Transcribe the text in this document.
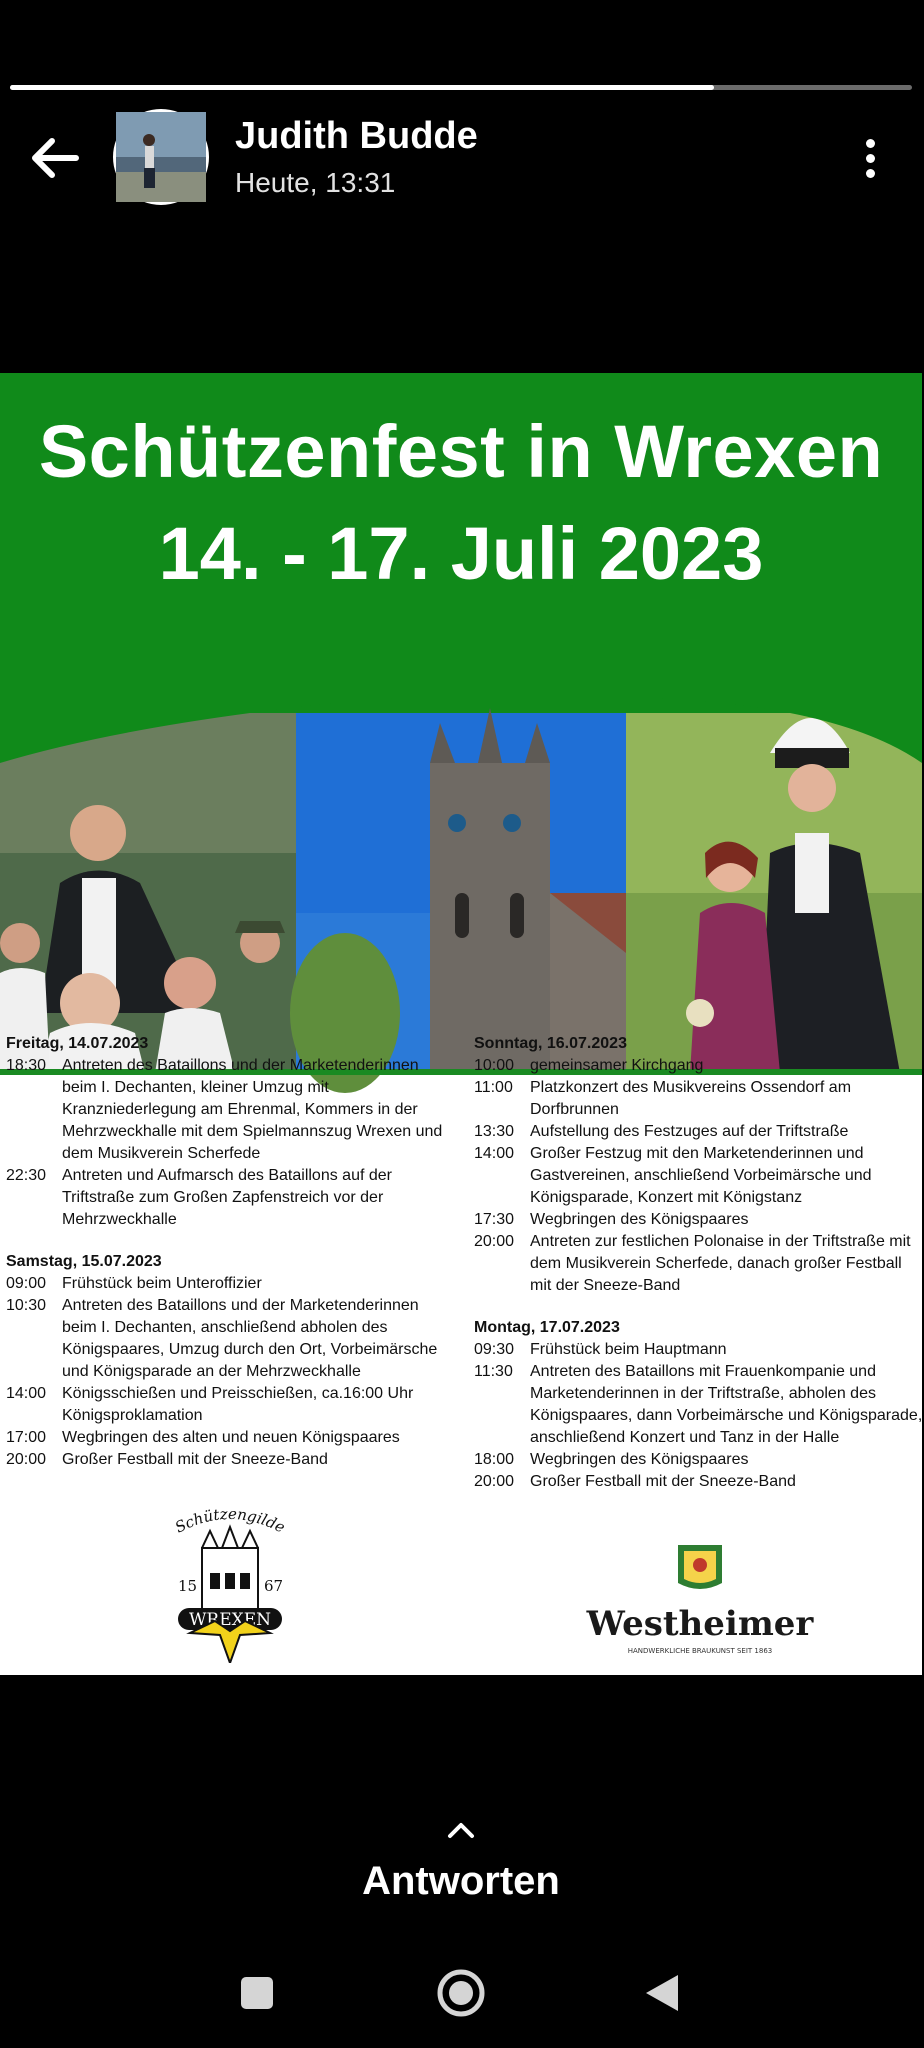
Judith Budde
Heute, 13:31
Schützenfest in Wrexen
14. - 17. Juli 2023
Freitag, 14.07.2023
18:30 Antreten des Bataillons und der Marketenderinnen beim I. Dechanten, kleiner Umzug mit Kranzniederlegung am Ehrenmal, Kommers in der Mehrzweckhalle mit dem Spielmannszug Wrexen und dem Musikverein Scherfede
22:30 Antreten und Aufmarsch des Bataillons auf der Triftstraße zum Großen Zapfenstreich vor der Mehrzweckhalle
Samstag, 15.07.2023
09:00 Frühstück beim Unteroffizier
10:30 Antreten des Bataillons und der Marketenderinnen beim I. Dechanten, anschließend abholen des Königspaares, Umzug durch den Ort, Vorbeimärsche und Königsparade an der Mehrzweckhalle
14:00 Königsschießen und Preisschießen, ca.16:00 Uhr Königsproklamation
17:00 Wegbringen des alten und neuen Königspaares
20:00 Großer Festball mit der Sneeze-Band
Sonntag, 16.07.2023
10:00 gemeinsamer Kirchgang
11:00	Platzkonzert des Musikvereins Ossendorf am Dorfbrunnen
13:30 Aufstellung des Festzuges auf der Triftstraße
14:00 Großer Festzug mit den Marketenderinnen und Gastvereinen, anschließend Vorbeimärsche und Königsparade, Konzert mit Königstanz
17:30 Wegbringen des Königspaares
20:00 Antreten zur festlichen Polonaise in der Triftstraße mit dem Musikverein Scherfede, danach großer Festball mit der Sneeze-Band
Montag, 17.07.2023
09:30 Frühstück beim Hauptmann
11:30	Antreten des Bataillons mit Frauenkompanie und Marketenderinnen in der Triftstraße, abholen des Königspaares, dann Vorbeimärsche und Königsparade, anschließend Konzert und Tanz in der Halle
18:00 Wegbringen des Königspaares
20:00 Großer Festball mit der Sneeze-Band
Schützengilde
15	67
WREXEN	Westheimer
HANDWERKLICHE BRAUKUNST SEIT 1863
Antworten
